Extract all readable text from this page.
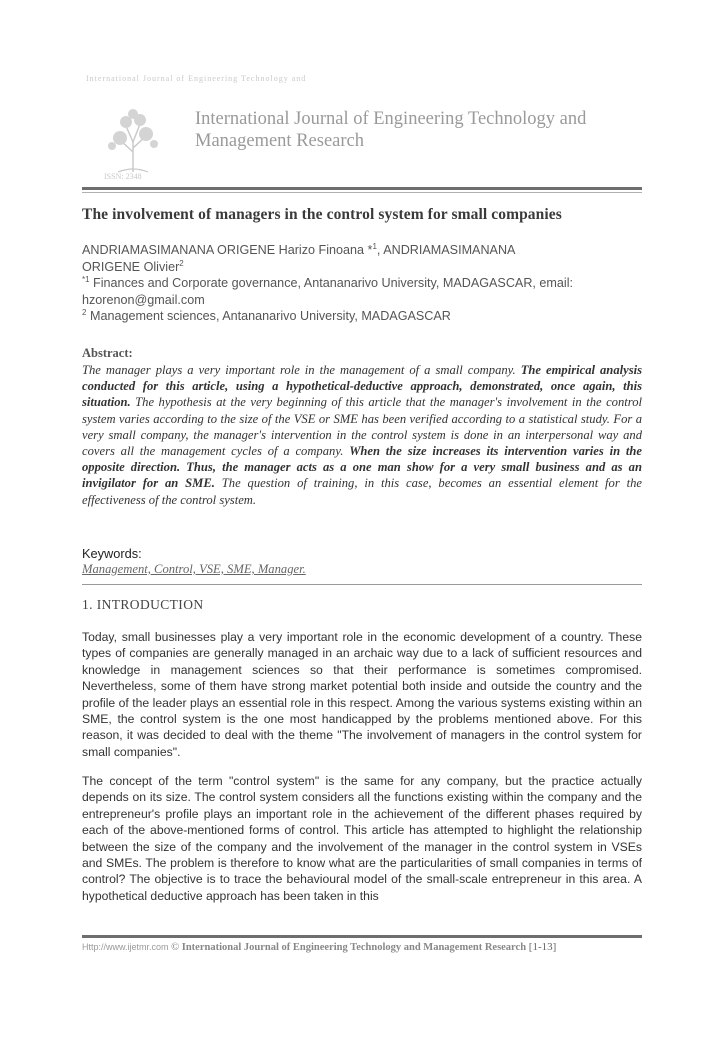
International Journal of Engineering Technology and
ISSN: 2348
International Journal of Engineering Technology and
Management Research
The involvement of managers in the control system for small companies

ANDRIAMASIMANANA ORIGENE Harizo Finoana *$^1$, ANDRIAMASIMANANA

ORIGENE Olivier$^2$

$^{*1}$ Finances and Corporate governance, Antananarivo University, MADAGASCAR, email:

hzorenon@gmail.com

$^2$ Management sciences, Antananarivo University, MADAGASCAR

Abstract:

The manager plays a very important role in the management of a small company. The empirical analysis conducted for this article, using a hypothetical-deductive approach, demonstrated, once again, this situation. The hypothesis at the very beginning of this article that the manager's involvement in the control system varies according to the size of the VSE or SME has been verified according to a statistical study. For a very small company, the manager's intervention in the control system is done in an interpersonal way and covers all the management cycles of a company. When the size increases its intervention varies in the opposite direction. Thus, the manager acts as a one man show for a very small business and as an invigilator for an SME. The question of training, in this case, becomes an essential element for the effectiveness of the control system.

Keywords:
Management, Control, VSE, SME, Manager.
1. INTRODUCTION

Today, small businesses play a very important role in the economic development of a country. These types of companies are generally managed in an archaic way due to a lack of sufficient resources and knowledge in management sciences so that their performance is sometimes compromised. Nevertheless, some of them have strong market potential both inside and outside the country and the profile of the leader plays an essential role in this respect. Among the various systems existing within an SME, the control system is the one most handicapped by the problems mentioned above. For this reason, it was decided to deal with the theme "The involvement of managers in the control system for small companies".

The concept of the term "control system" is the same for any company, but the practice actually depends on its size. The control system considers all the functions existing within the company and the entrepreneur's profile plays an important role in the achievement of the different phases required by each of the above-mentioned forms of control. This article has attempted to highlight the relationship between the size of the company and the involvement of the manager in the control system in VSEs and SMEs. The problem is therefore to know what are the particularities of small companies in terms of control? The objective is to trace the behavioural model of the small-scale entrepreneur in this area. A hypothetical deductive approach has been taken in this

Http://www.ijetmr.com © International Journal of Engineering Technology and Management Research [1-13]
